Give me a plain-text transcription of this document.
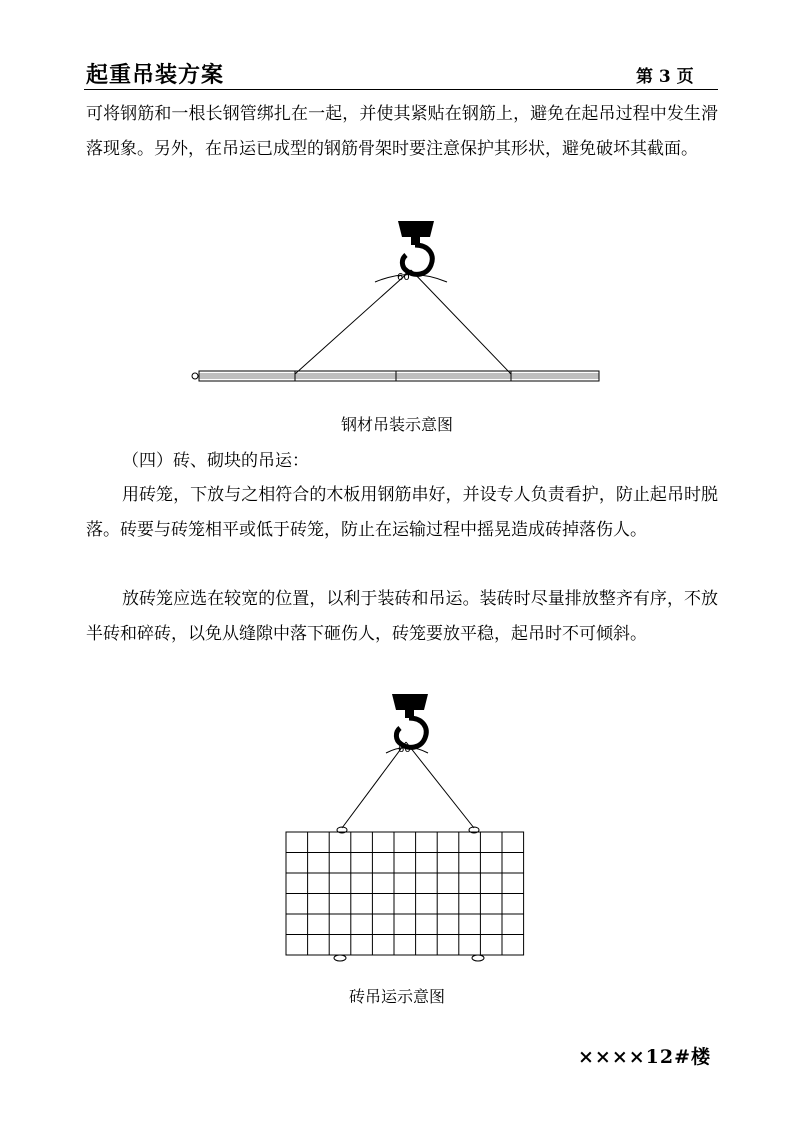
起重吊装方案	第 3 页

可将钢筋和一根长钢管绑扎在一起，并使其紧贴在钢筋上，避免在起吊过程中发生滑落现象。另外，在吊运已成型的钢筋骨架时要注意保护其形状，避免破坏其截面。

60
钢材吊装示意图
（四）砖、砌块的吊运：

用砖笼，下放与之相符合的木板用钢筋串好，并设专人负责看护，防止起吊时脱落。砖要与砖笼相平或低于砖笼，防止在运输过程中摇晃造成砖掉落伤人。

放砖笼应选在较宽的位置，以利于装砖和吊运。装砖时尽量排放整齐有序，不放半砖和碎砖，以免从缝隙中落下砸伤人，砖笼要放平稳，起吊时不可倾斜。

60
砖吊运示意图
××××12#楼
